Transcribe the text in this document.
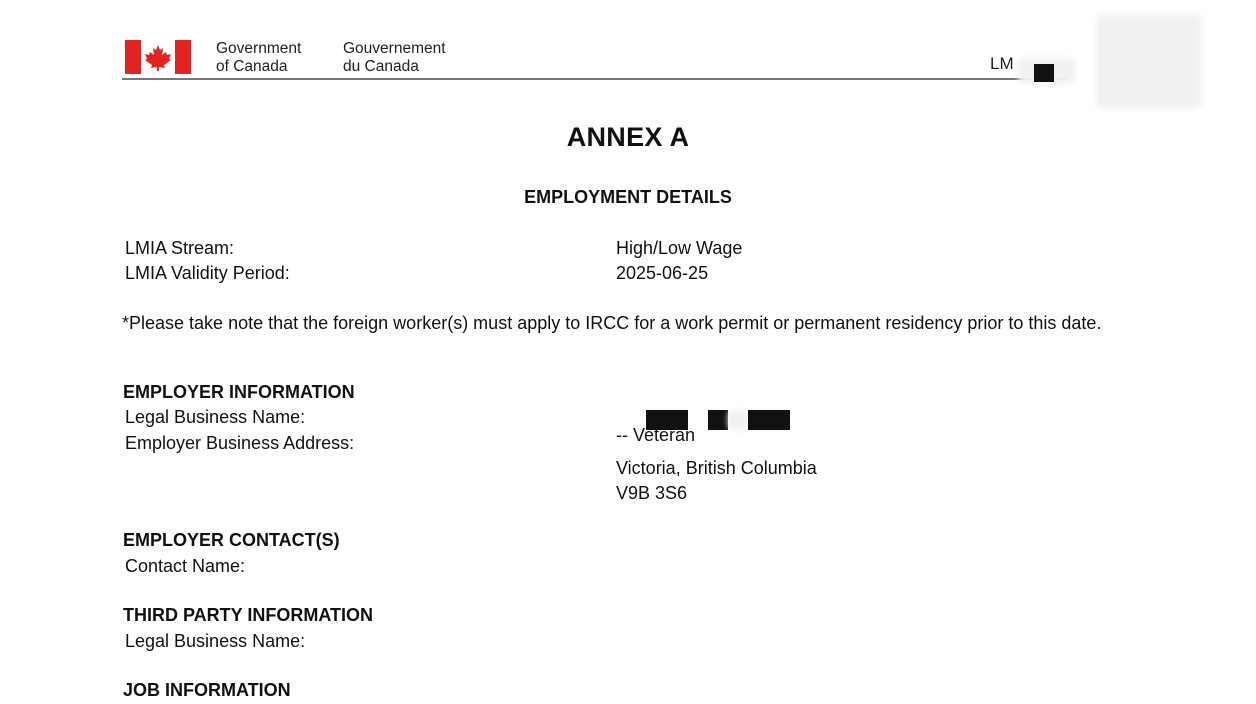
Government
of Canada
Gouvernement
du Canada	LM
ANNEX A
EMPLOYMENT DETAILS
LMIA Stream:	High/Low Wage
LMIA Validity Period:	2025-06-25
*Please take note that the foreign worker(s) must apply to IRCC for a work permit or permanent residency prior to this date.
EMPLOYER INFORMATION
Legal Business Name:
Employer Business Address:	-- Veteran
Victoria, British Columbia
V9B 3S6
EMPLOYER CONTACT(S)
Contact Name:
THIRD PARTY INFORMATION
Legal Business Name:
JOB INFORMATION
